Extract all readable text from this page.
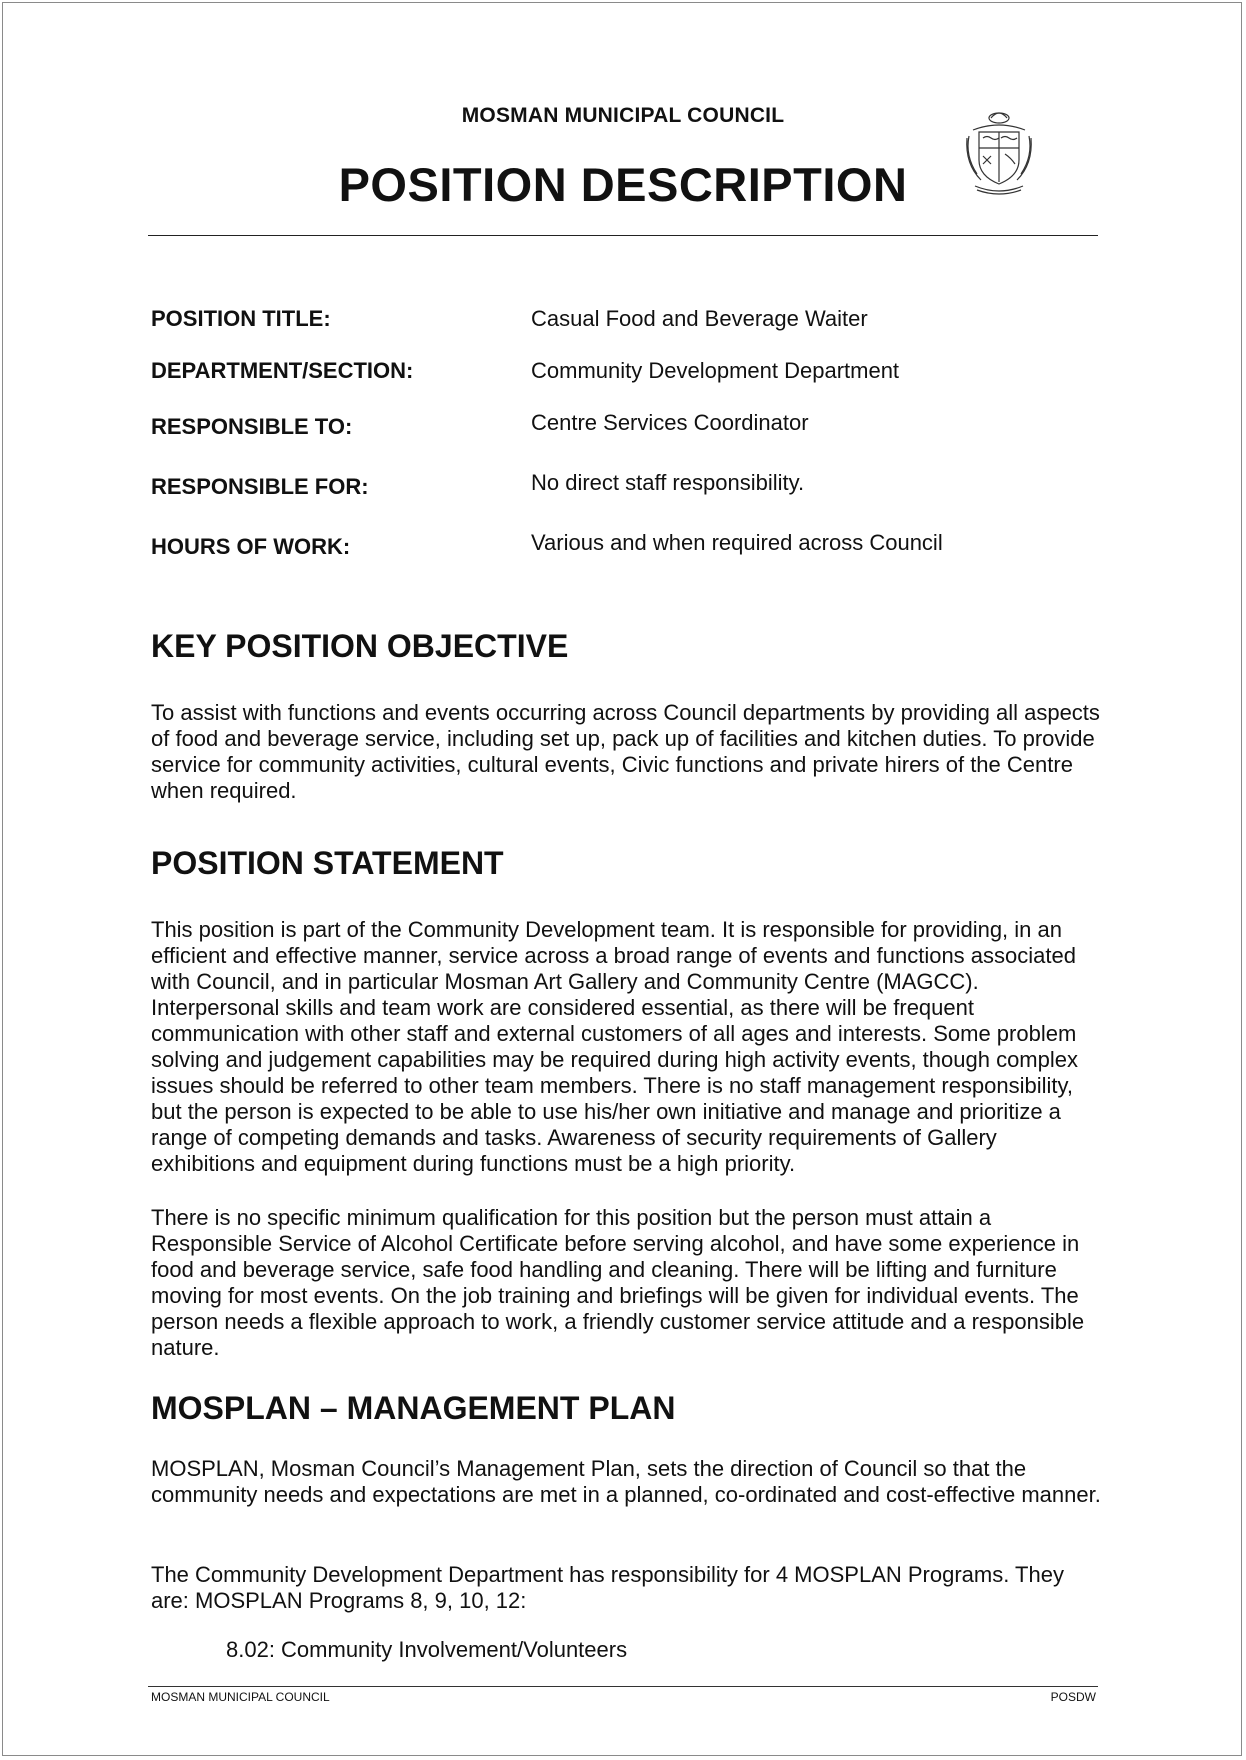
MOSMAN MUNICIPAL COUNCIL
POSITION DESCRIPTION
POSITION TITLE:	Casual Food and Beverage Waiter
DEPARTMENT/SECTION:	Community Development Department
RESPONSIBLE TO:	Centre Services Coordinator
RESPONSIBLE FOR:	No direct staff responsibility.
HOURS OF WORK:	Various and when required across Council
KEY POSITION OBJECTIVE

To assist with functions and events occurring across Council departments by providing all aspects of food and beverage service, including set up, pack up of facilities and kitchen duties. To provide service for community activities, cultural events, Civic functions and private hirers of the Centre when required.

POSITION STATEMENT

This position is part of the Community Development team. It is responsible for providing, in an efficient and effective manner, service across a broad range of events and functions associated with Council, and in particular Mosman Art Gallery and Community Centre (MAGCC). Interpersonal skills and team work are considered essential, as there will be frequent communication with other staff and external customers of all ages and interests. Some problem solving and judgement capabilities may be required during high activity events, though complex issues should be referred to other team members. There is no staff management responsibility, but the person is expected to be able to use his/her own initiative and manage and prioritize a range of competing demands and tasks. Awareness of security requirements of Gallery exhibitions and equipment during functions must be a high priority.

There is no specific minimum qualification for this position but the person must attain a Responsible Service of Alcohol Certificate before serving alcohol, and have some experience in food and beverage service, safe food handling and cleaning. There will be lifting and furniture moving for most events. On the job training and briefings will be given for individual events. The person needs a flexible approach to work, a friendly customer service attitude and a responsible nature.

MOSPLAN – MANAGEMENT PLAN

MOSPLAN, Mosman Council’s Management Plan, sets the direction of Council so that the community needs and expectations are met in a planned, co-ordinated and cost-effective manner.

The Community Development Department has responsibility for 4 MOSPLAN Programs. They are: MOSPLAN Programs 8, 9, 10, 12:

8.02: Community Involvement/Volunteers
MOSMAN MUNICIPAL COUNCIL	POSDW
